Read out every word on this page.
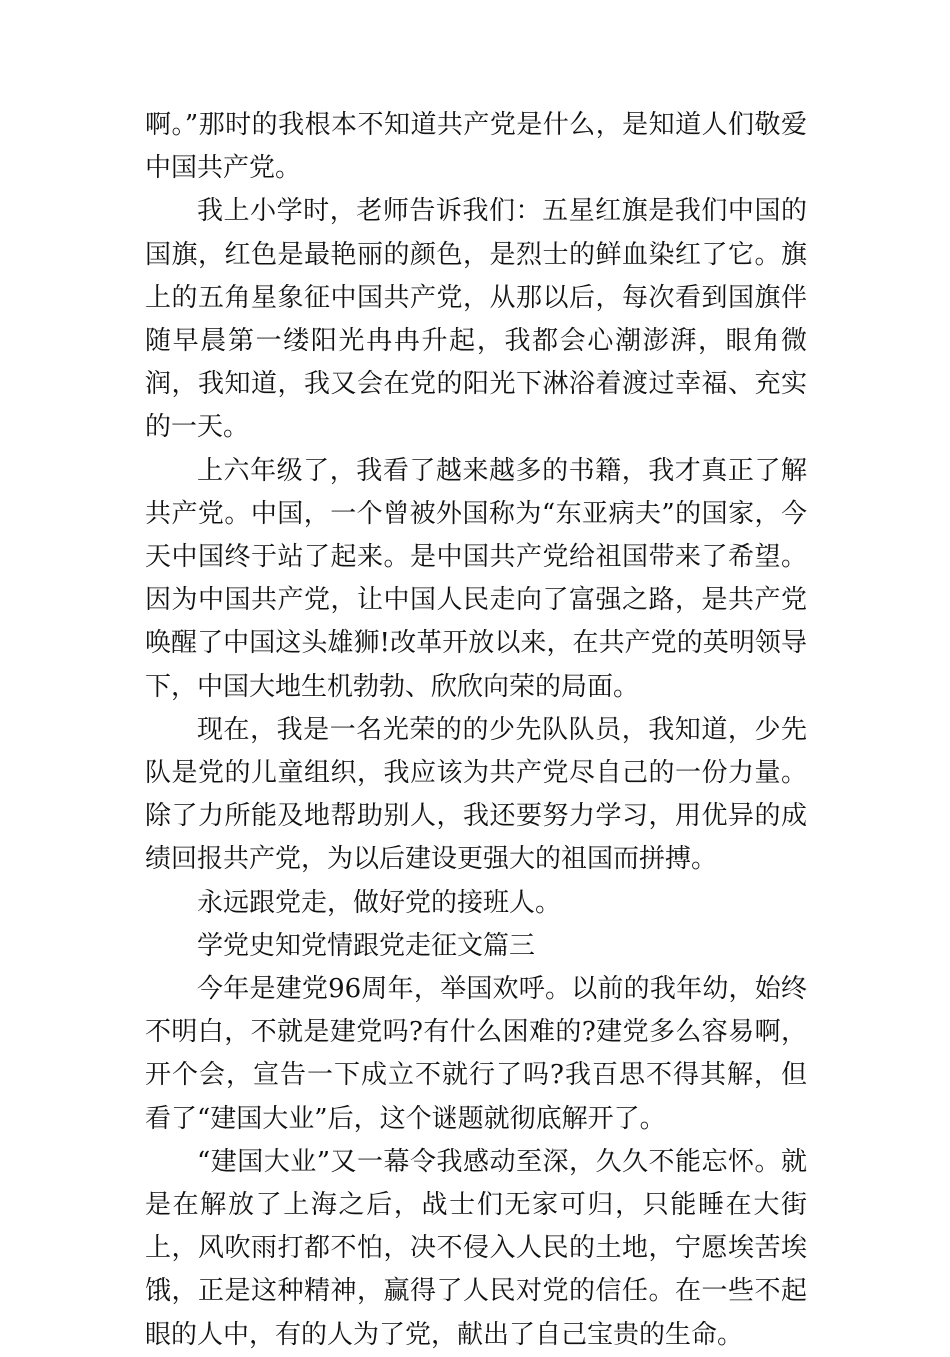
啊。”那时的我根本不知道共产党是什么，是知道人们敬爱中国共产党。

我上小学时，老师告诉我们：五星红旗是我们中国的国旗，红色是最艳丽的颜色，是烈士的鲜血染红了它。旗上的五角星象征中国共产党，从那以后，每次看到国旗伴随早晨第一缕阳光冉冉升起，我都会心潮澎湃，眼角微润，我知道，我又会在党的阳光下淋浴着渡过幸福、充实的一天。

上六年级了，我看了越来越多的书籍，我才真正了解共产党。中国，一个曾被外国称为“东亚病夫”的国家，今天中国终于站了起来。是中国共产党给祖国带来了希望。因为中国共产党，让中国人民走向了富强之路，是共产党唤醒了中国这头雄狮!改革开放以来，在共产党的英明领导下，中国大地生机勃勃、欣欣向荣的局面。

现在，我是一名光荣的的少先队队员，我知道，少先队是党的儿童组织，我应该为共产党尽自己的一份力量。除了力所能及地帮助别人，我还要努力学习，用优异的成绩回报共产党，为以后建设更强大的祖国而拼搏。

永远跟党走，做好党的接班人。

学党史知党情跟党走征文篇三

今年是建党96周年，举国欢呼。以前的我年幼，始终不明白，不就是建党吗?有什么困难的?建党多么容易啊，开个会，宣告一下成立不就行了吗?我百思不得其解，但看了“建国大业”后，这个谜题就彻底解开了。

“建国大业”又一幕令我感动至深，久久不能忘怀。就是在解放了上海之后，战士们无家可归，只能睡在大街上，风吹雨打都不怕，决不侵入人民的土地，宁愿埃苦埃饿，正是这种精神，赢得了人民对党的信任。在一些不起眼的人中，有的人为了党，献出了自己宝贵的生命。
